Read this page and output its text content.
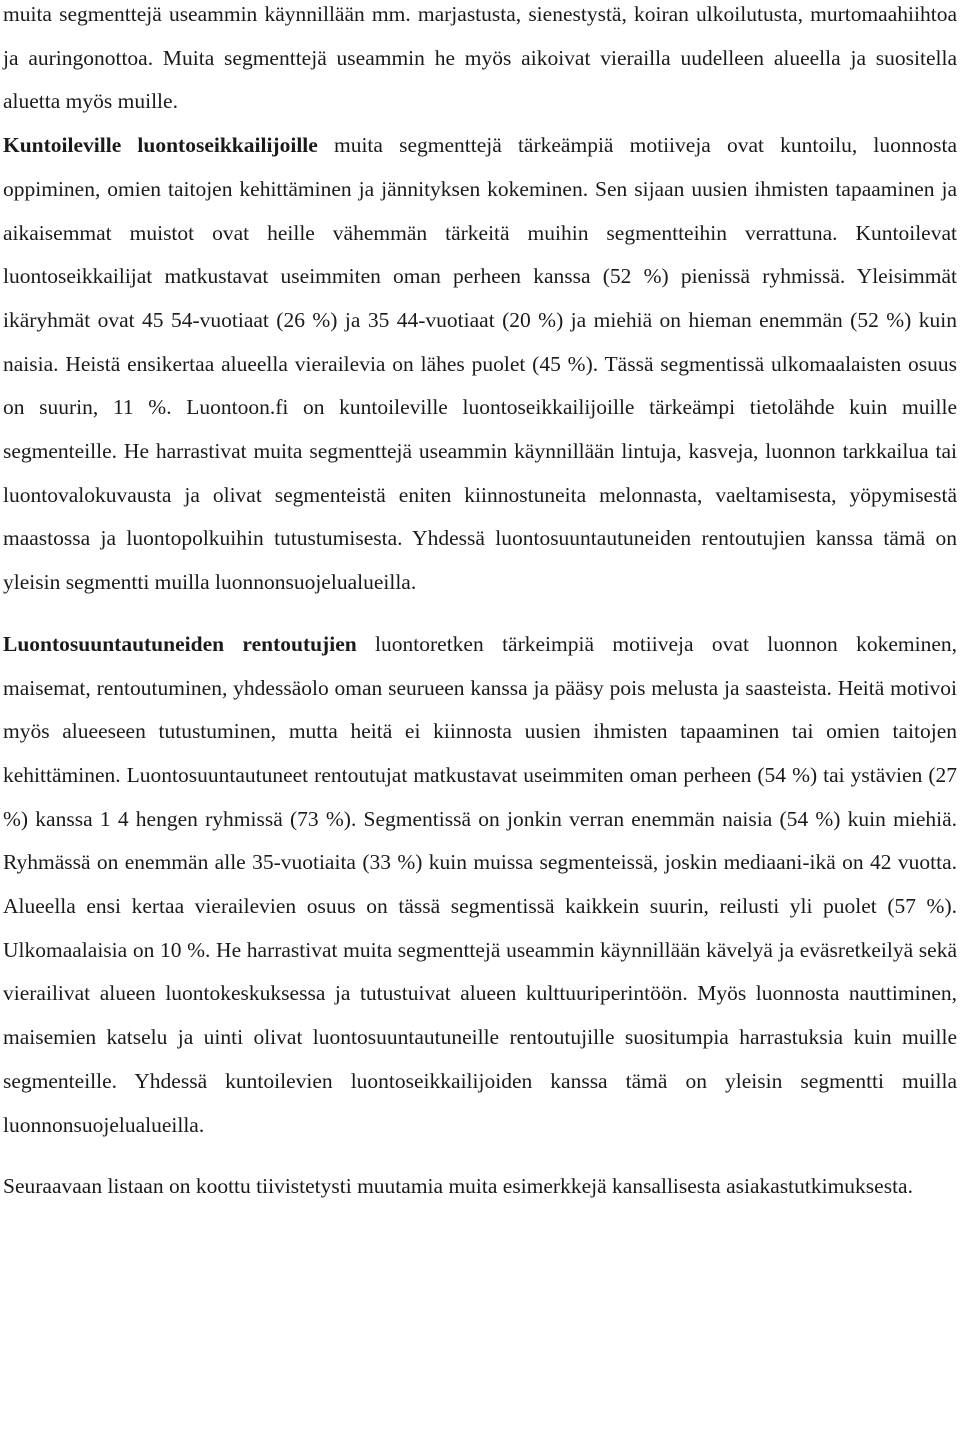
muita segmenttejä useammin käynnillään mm. marjastusta, sienestystä, koiran ulkoilutusta, murtomaahiihtoa ja auringonottoa. Muita segmenttejä useammin he myös aikoivat vierailla uudelleen alueella ja suositella aluetta myös muille.

Kuntoileville luontoseikkailijoille muita segmenttejä tärkeämpiä motiiveja ovat kuntoilu, luonnosta oppiminen, omien taitojen kehittäminen ja jännityksen kokeminen. Sen sijaan uusien ihmisten tapaaminen ja aikaisemmat muistot ovat heille vähemmän tärkeitä muihin segmentteihin verrattuna. Kuntoilevat luontoseikkailijat matkustavat useimmiten oman perheen kanssa (52 %) pienissä ryhmissä. Yleisimmät ikäryhmät ovat 45 54-vuotiaat (26 %) ja 35 44-vuotiaat (20 %) ja miehiä on hieman enemmän (52 %) kuin naisia. Heistä ensikertaa alueella vierailevia on lähes puolet (45 %). Tässä segmentissä ulkomaalaisten osuus on suurin, 11 %. Luontoon.fi on kuntoileville luontoseikkailijoille tärkeämpi tietolähde kuin muille segmenteille. He harrastivat muita segmenttejä useammin käynnillään lintuja, kasveja, luonnon tarkkailua tai luontovalokuvausta ja olivat segmenteistä eniten kiinnostuneita melonnasta, vaeltamisesta, yöpymisestä maastossa ja luontopolkuihin tutustumisesta. Yhdessä luontosuuntautuneiden rentoutujien kanssa tämä on yleisin segmentti muilla luonnonsuojelualueilla.

Luontosuuntautuneiden rentoutujien luontoretken tärkeimpiä motiiveja ovat luonnon kokeminen, maisemat, rentoutuminen, yhdessäolo oman seurueen kanssa ja pääsy pois melusta ja saasteista. Heitä motivoi myös alueeseen tutustuminen, mutta heitä ei kiinnosta uusien ihmisten tapaaminen tai omien taitojen kehittäminen. Luontosuuntautuneet rentoutujat matkustavat useimmiten oman perheen (54 %) tai ystävien (27 %) kanssa 1 4 hengen ryhmissä (73 %). Segmentissä on jonkin verran enemmän naisia (54 %) kuin miehiä. Ryhmässä on enemmän alle 35-vuotiaita (33 %) kuin muissa segmenteissä, joskin mediaani-ikä on 42 vuotta. Alueella ensi kertaa vierailevien osuus on tässä segmentissä kaikkein suurin, reilusti yli puolet (57 %). Ulkomaalaisia on 10 %. He harrastivat muita segmenttejä useammin käynnillään kävelyä ja eväsretkeilyä sekä vierailivat alueen luontokeskuksessa ja tutustuivat alueen kulttuuriperintöön. Myös luonnosta nauttiminen, maisemien katselu ja uinti olivat luontosuuntautuneille rentoutujille suositumpia harrastuksia kuin muille segmenteille. Yhdessä kuntoilevien luontoseikkailijoiden kanssa tämä on yleisin segmentti muilla luonnonsuojelualueilla.

Seuraavaan listaan on koottu tiivistetysti muutamia muita esimerkkejä kansallisesta asiakastutkimuksesta.
